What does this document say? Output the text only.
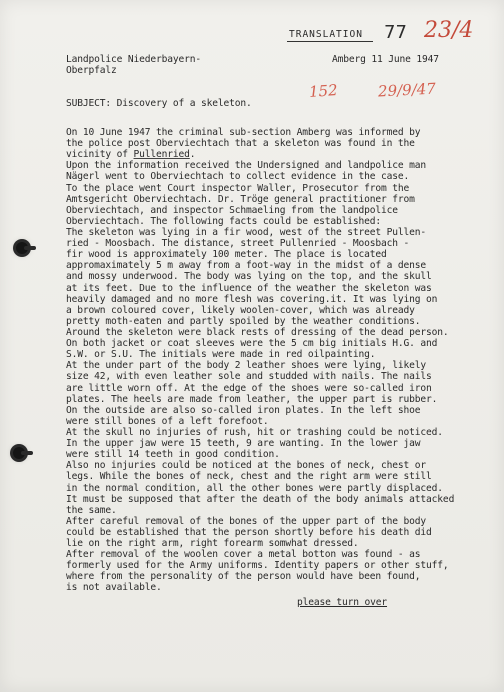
TRANSLATION 77 23/4
Landpolice Niederbayern-
Oberpfalz
Amberg 11 June 1947
152	29/9/47
SUBJECT: Discovery of a skeleton.
On 10 June 1947 the criminal sub-section Amberg was informed by
the police post Oberviechtach that a skeleton was found in the
vicinity of Pullenried.
Upon the information received the Undersigned and landpolice man
Nägerl went to Oberviechtach to collect evidence in the case.
To the place went Court inspector Waller, Prosecutor from the
Amtsgericht Oberviechtach. Dr. Tröge general practitioner from
Oberviechtach, and inspector Schmaeling from the landpolice
Oberviechtach. The following facts could be established:
The skeleton was lying in a fir wood, west of the street Pullen-
ried - Moosbach. The distance, street Pullenried - Moosbach -
fir wood is approximately 100 meter. The place is located
appromaximately 5 m away from a foot-way in the midst of a dense
and mossy underwood. The body was lying on the top, and the skull
at its feet. Due to the influence of the weather the skeleton was
heavily damaged and no more flesh was covering.it. It was lying on
a brown coloured cover, likely woolen-cover, which was already
pretty moth-eaten and partly spoiled by the weather conditions.
Around the skeleton were black rests of dressing of the dead person.
On both jacket or coat sleeves were the 5 cm big initials H.G. and
S.W. or S.U. The initials were made in red oilpainting.
At the under part of the body 2 leather shoes were lying, likely
size 42, with even leather sole and studded with nails. The nails
are little worn off. At the edge of the shoes were so-called iron
plates. The heels are made from leather, the upper part is rubber.
On the outside are also so-called iron plates. In the left shoe
were still bones of a left forefoot.
At the skull no injuries of rush, hit or trashing could be noticed.
In the upper jaw were 15 teeth, 9 are wanting. In the lower jaw
were still 14 teeth in good condition.
Also no injuries could be noticed at the bones of neck, chest or
legs. While the bones of neck, chest and the right arm were still
in the normal condition, all the other bones were partly displaced.
It must be supposed that after the death of the body animals attacked
the same.
After careful removal of the bones of the upper part of the body
could be established that the person shortly before his death did
lie on the right arm, right forearm somwhat dressed.
After removal of the woolen cover a metal botton was found - as
formerly used for the Army uniforms. Identity papers or other stuff,
where from the personality of the person would have been found,
is not available.
please turn over
